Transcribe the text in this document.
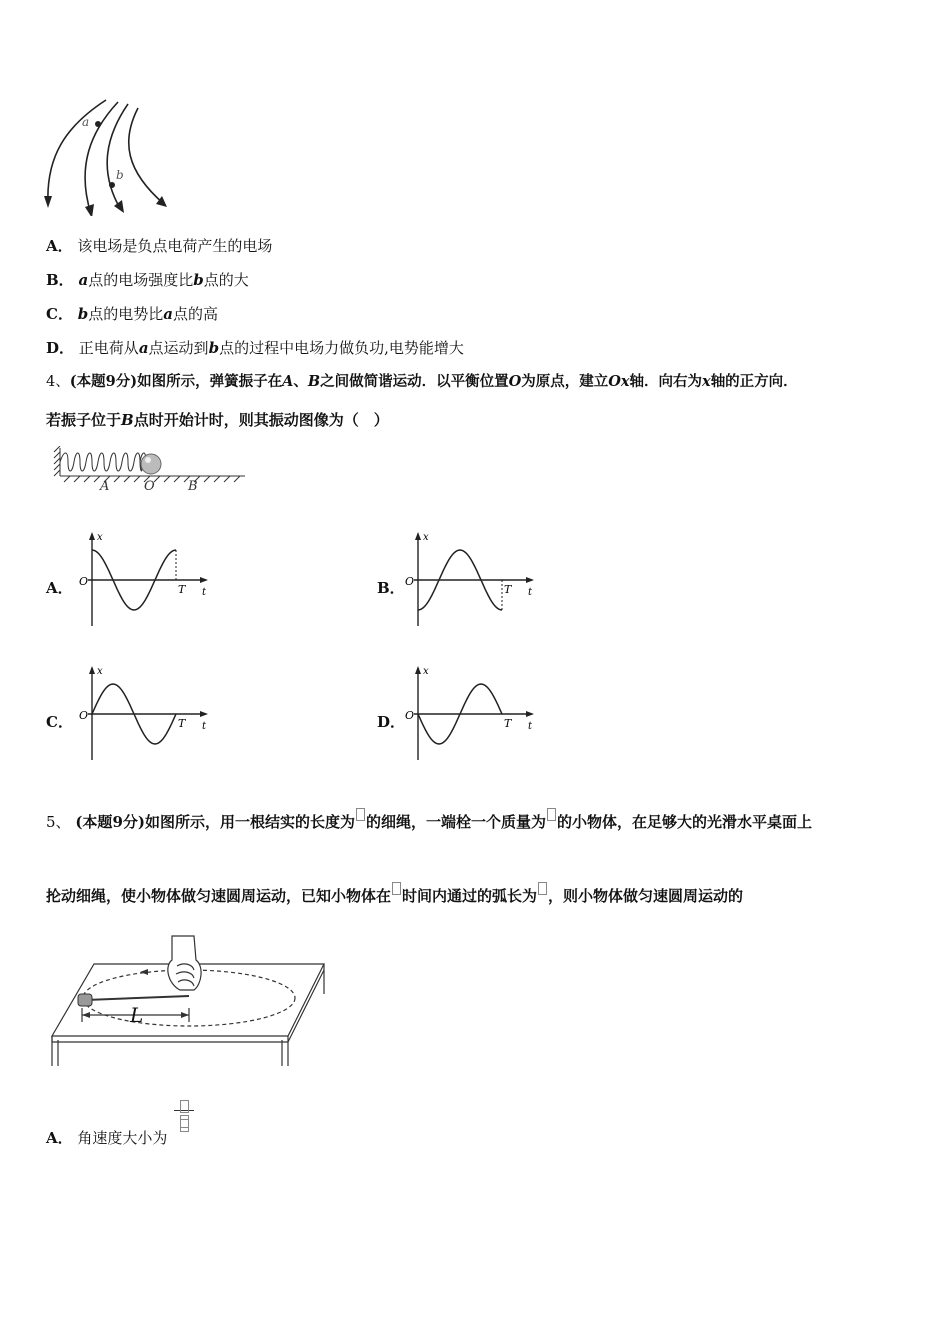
a
b
A． 该电场是负点电荷产生的电场
B． a点的电场强度比b点的大
C． b点的电势比a点的高
D． 正电荷从a点运动到b点的过程中电场力做负功,电势能增大
4、(本题9分)如图所示，弹簧振子在A、B之间做简谐运动．以平衡位置O为原点，建立Ox轴．向右为x轴的正方向．
若振子位于B点时开始计时，则其振动图像为（　）
A	O	B
A．
x
t
O
T	B．
x
t
O
T
C．
x
t
O
T	D．
x
t
O
T
5、 (本题9分)如图所示，用一根结实的长度为 的细绳，一端栓一个质量为 的小物体，在足够大的光滑水平桌面上
抡动细绳，使小物体做匀速圆周运动，已知小物体在 时间内通过的弧长为 ，则小物体做匀速圆周运动的
L
A． 角速度大小为
